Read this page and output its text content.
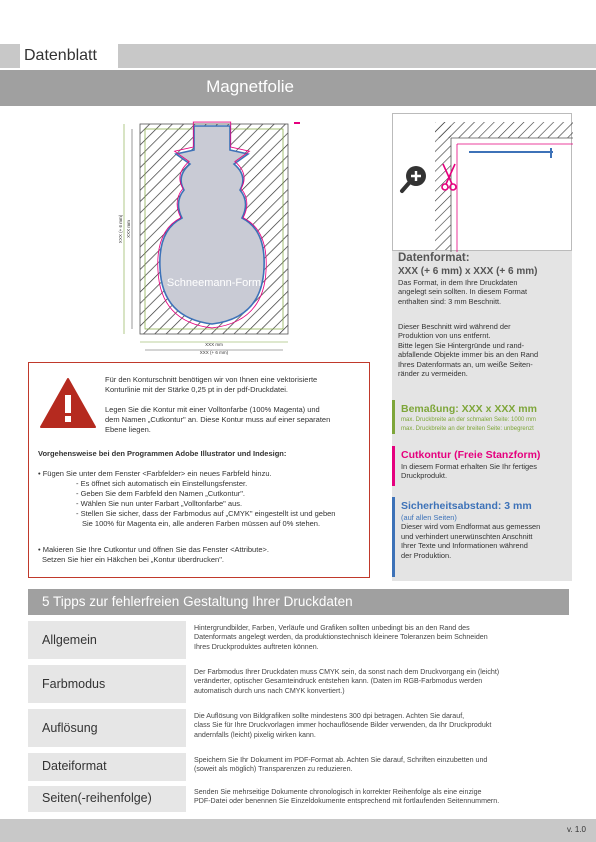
Datenblatt
Magnetfolie
Schneemann-Form
XXX mm
XXX (+ 6 mm)
XXX (+ 6 mm) XXX mm
Datenformat:
XXX (+ 6 mm) x XXX (+ 6 mm)
Das Format, in dem Ihre Druckdaten
angelegt sein sollten. In diesem Format
enthalten sind: 3 mm Beschnitt.
Dieser Beschnitt wird während der
Produktion von uns entfernt.
Bitte legen Sie Hintergründe und rand-
abfallende Objekte immer bis an den Rand
Ihres Datenformats an, um weiße Seiten-
ränder zu vermeiden.
Bemaßung: XXX x XXX mm
max. Druckbreite an der schmalen Seite: 1000 mm
max. Druckbreite an der breiten Seite: unbegrenzt
Cutkontur (Freie Stanzform)
In diesem Format erhalten Sie Ihr fertiges
Druckprodukt.
Sicherheitsabstand: 3 mm
(auf allen Seiten)
Dieser wird vom Endformat aus gemessen
und verhindert unerwünschten Anschnitt
Ihrer Texte und Informationen während
der Produktion.
Für den Konturschnitt benötigen wir von Ihnen eine vektorisierte
Konturlinie mit der Stärke 0,25 pt in der pdf-Druckdatei.
Legen Sie die Kontur mit einer Volltonfarbe (100% Magenta) und
dem Namen „Cutkontur" an. Diese Kontur muss auf einer separaten
Ebene liegen.
Vorgehensweise bei den Programmen Adobe Illustrator und Indesign:
• Fügen Sie unter dem Fenster <Farbfelder> ein neues Farbfeld hinzu.
- Es öffnet sich automatisch ein Einstellungsfenster.
- Geben Sie dem Farbfeld den Namen „Cutkontur".
- Wählen Sie nun unter Farbart „Volltonfarbe" aus.
- Stellen Sie sicher, dass der Farbmodus auf „CMYK" eingestellt ist und geben
Sie 100% für Magenta ein, alle anderen Farben müssen auf 0% stehen.
• Makieren Sie Ihre Cutkontur und öffnen Sie das Fenster <Attribute>.
Setzen Sie hier ein Häkchen bei „Kontur überdrucken".
5 Tipps zur fehlerfreien Gestaltung Ihrer Druckdaten
Allgemein
Hintergrundbilder, Farben, Verläufe und Grafiken sollten unbedingt bis an den Rand des
Datenformats angelegt werden, da produktionstechnisch kleinere Toleranzen beim Schneiden
Ihres Druckproduktes auftreten können.
Farbmodus
Der Farbmodus Ihrer Druckdaten muss CMYK sein, da sonst nach dem Druckvorgang ein (leicht)
veränderter, optischer Gesamteindruck entstehen kann. (Daten im RGB-Farbmodus werden
automatisch durch uns nach CMYK konvertiert.)
Auflösung
Die Auflösung von Bildgrafiken sollte mindestens 300 dpi betragen. Achten Sie darauf,
class Sie für Ihre Druckvorlagen immer hochauflösende Bilder verwenden, da Ihr Druckprodukt
andernfalls (leicht) pixelig wirken kann.
Dateiformat	Speichern Sie Ihr Dokument im PDF-Format ab. Achten Sie darauf, Schriften einzubetten und
(soweit als möglich) Transparenzen zu reduzieren.
Seiten(-reihenfolge)	Senden Sie mehrseitige Dokumente chronologisch in korrekter Reihenfolge als eine einzige
PDF-Datei oder benennen Sie Einzeldokumente entsprechend mit fortlaufenden Seitennummern.
v. 1.0
